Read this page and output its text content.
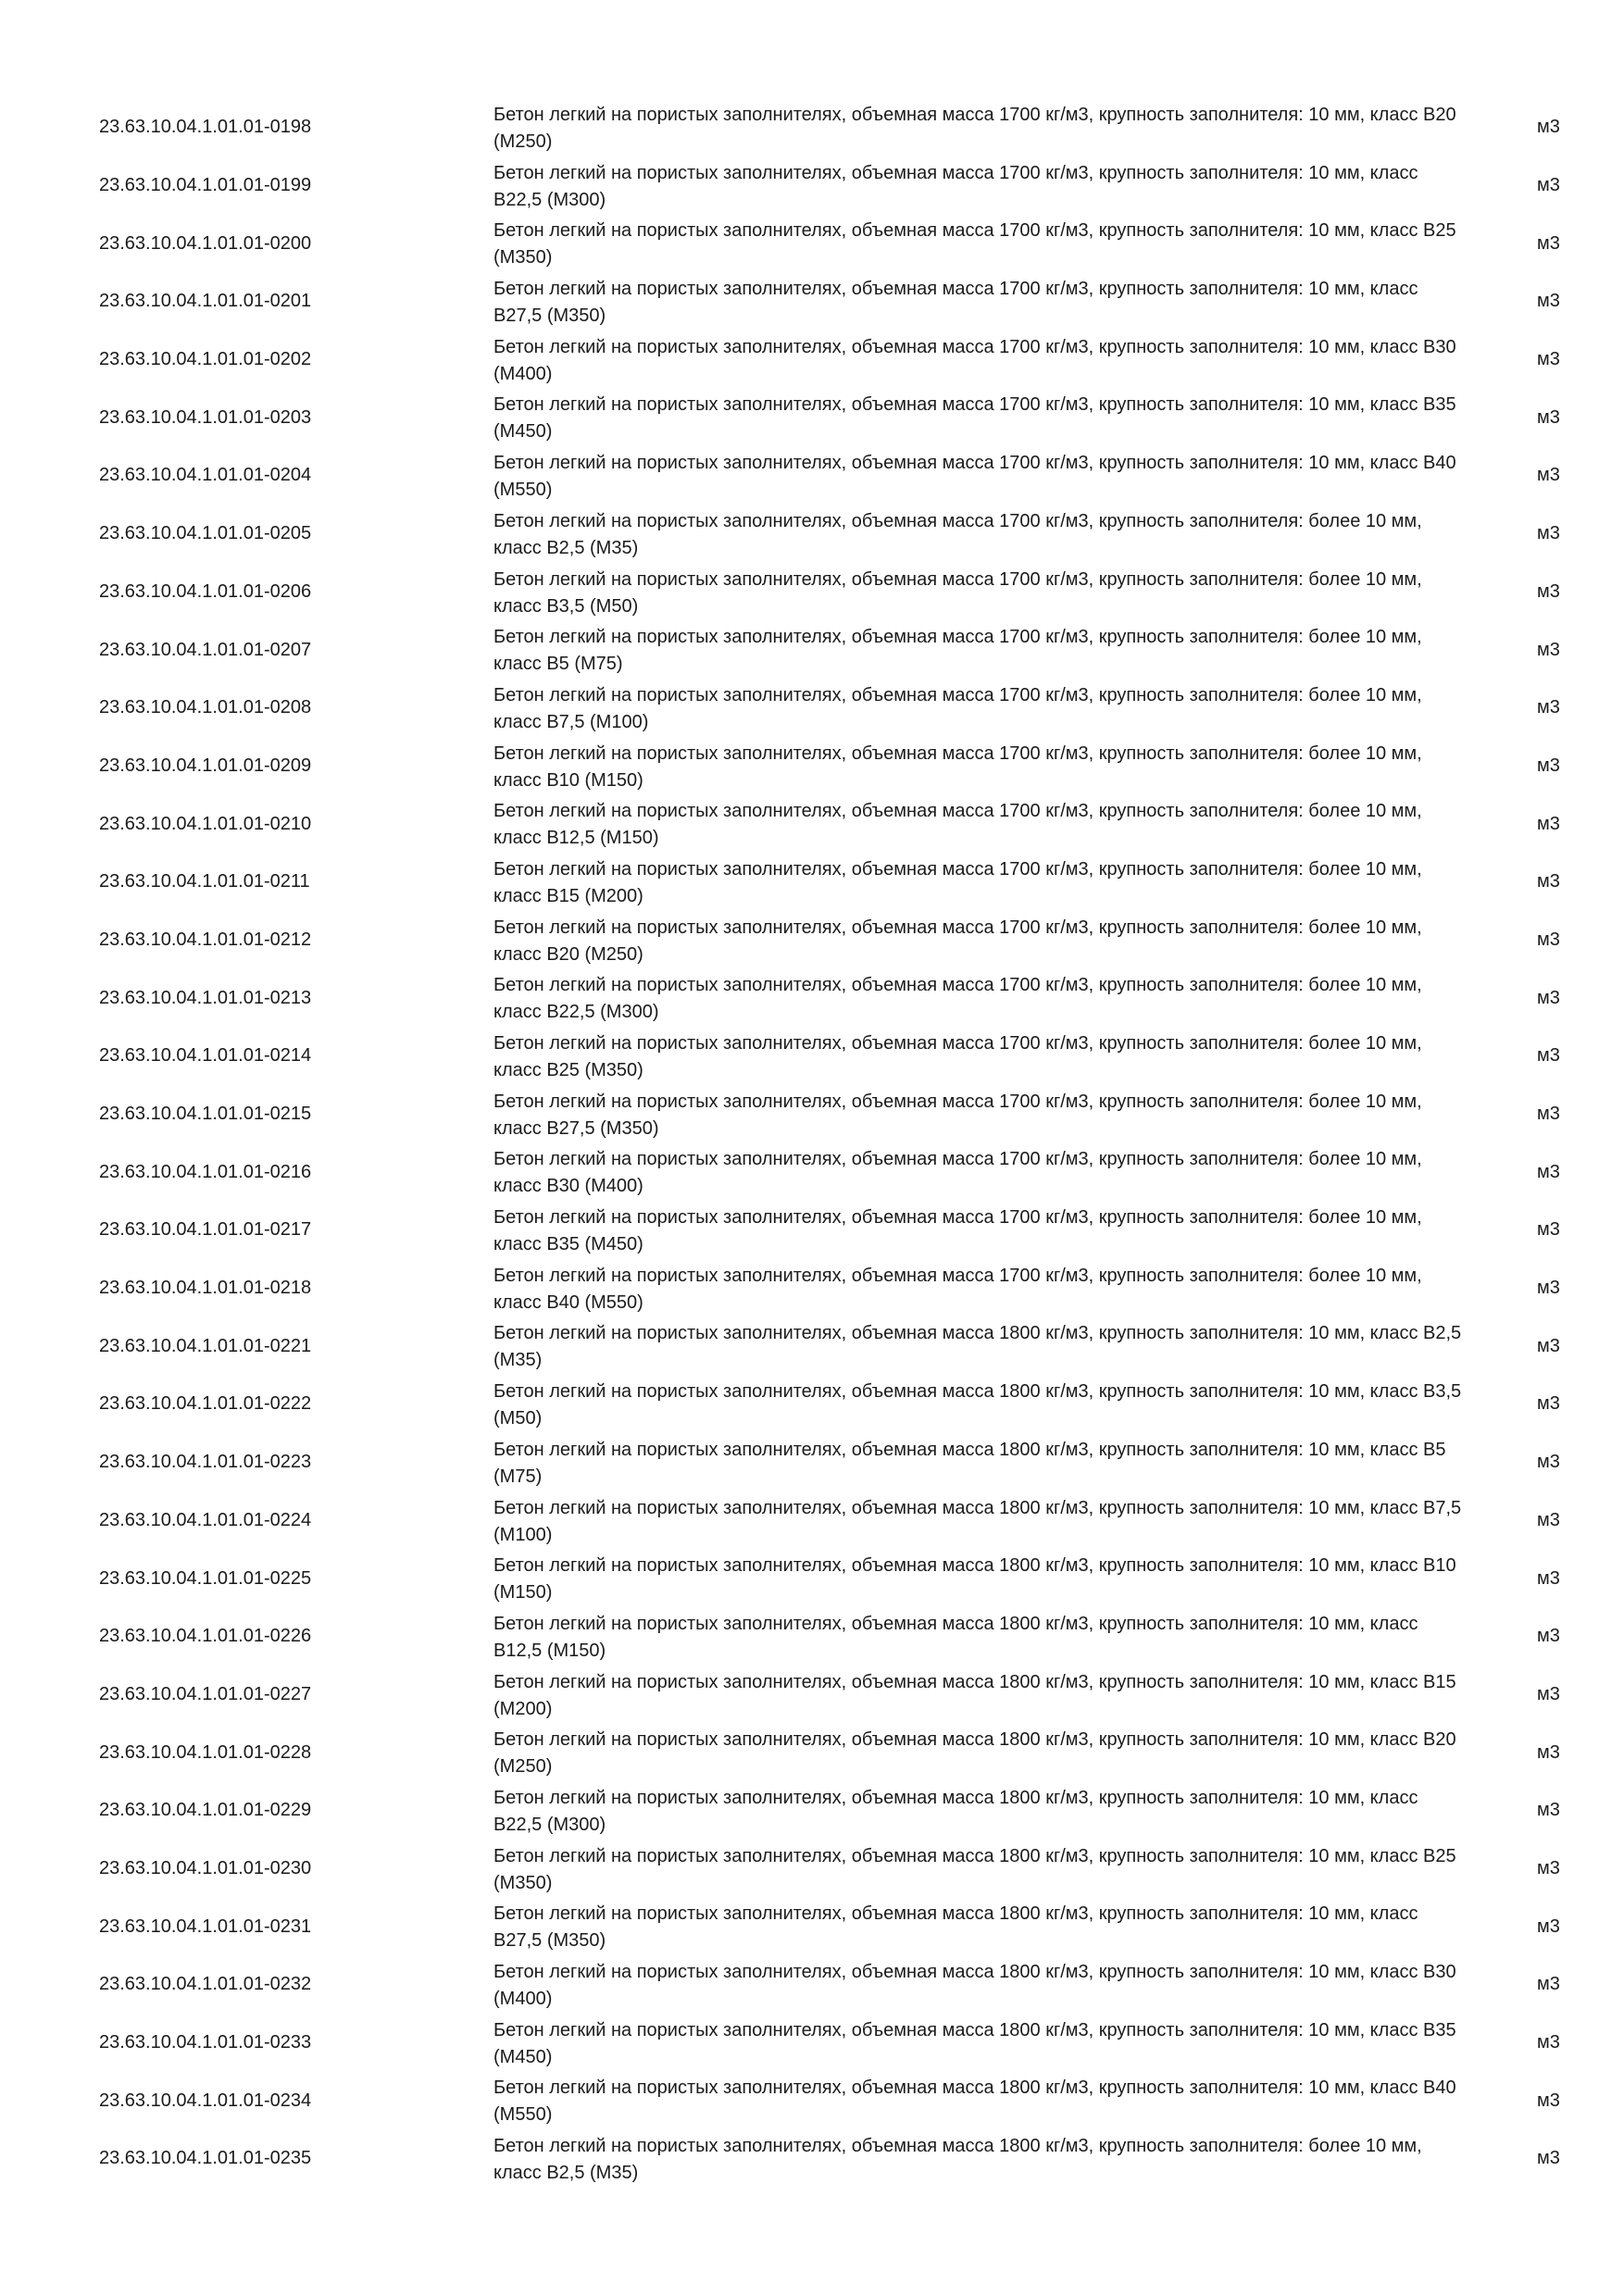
23.63.10.04.1.01.01-0198
Бетон легкий на пористых заполнителях, объемная масса 1700 кг/м3, крупность заполнителя: 10 мм, класс В20 (М250)
м3
23.63.10.04.1.01.01-0199
Бетон легкий на пористых заполнителях, объемная масса 1700 кг/м3, крупность заполнителя: 10 мм, класс В22,5 (М300)
м3
23.63.10.04.1.01.01-0200
Бетон легкий на пористых заполнителях, объемная масса 1700 кг/м3, крупность заполнителя: 10 мм, класс В25 (М350)
м3
23.63.10.04.1.01.01-0201
Бетон легкий на пористых заполнителях, объемная масса 1700 кг/м3, крупность заполнителя: 10 мм, класс В27,5 (М350)
м3
23.63.10.04.1.01.01-0202
Бетон легкий на пористых заполнителях, объемная масса 1700 кг/м3, крупность заполнителя: 10 мм, класс В30 (М400)
м3
23.63.10.04.1.01.01-0203
Бетон легкий на пористых заполнителях, объемная масса 1700 кг/м3, крупность заполнителя: 10 мм, класс В35 (М450)
м3
23.63.10.04.1.01.01-0204
Бетон легкий на пористых заполнителях, объемная масса 1700 кг/м3, крупность заполнителя: 10 мм, класс В40 (М550)
м3
23.63.10.04.1.01.01-0205
Бетон легкий на пористых заполнителях, объемная масса 1700 кг/м3, крупность заполнителя: более 10 мм, класс В2,5 (М35)
м3
23.63.10.04.1.01.01-0206
Бетон легкий на пористых заполнителях, объемная масса 1700 кг/м3, крупность заполнителя: более 10 мм, класс В3,5 (М50)
м3
23.63.10.04.1.01.01-0207
Бетон легкий на пористых заполнителях, объемная масса 1700 кг/м3, крупность заполнителя: более 10 мм, класс В5 (М75)
м3
23.63.10.04.1.01.01-0208
Бетон легкий на пористых заполнителях, объемная масса 1700 кг/м3, крупность заполнителя: более 10 мм, класс В7,5 (М100)
м3
23.63.10.04.1.01.01-0209
Бетон легкий на пористых заполнителях, объемная масса 1700 кг/м3, крупность заполнителя: более 10 мм, класс В10 (М150)
м3
23.63.10.04.1.01.01-0210
Бетон легкий на пористых заполнителях, объемная масса 1700 кг/м3, крупность заполнителя: более 10 мм, класс В12,5 (М150)
м3
23.63.10.04.1.01.01-0211
Бетон легкий на пористых заполнителях, объемная масса 1700 кг/м3, крупность заполнителя: более 10 мм, класс В15 (М200)
м3
23.63.10.04.1.01.01-0212
Бетон легкий на пористых заполнителях, объемная масса 1700 кг/м3, крупность заполнителя: более 10 мм, класс В20 (М250)
м3
23.63.10.04.1.01.01-0213
Бетон легкий на пористых заполнителях, объемная масса 1700 кг/м3, крупность заполнителя: более 10 мм, класс В22,5 (М300)
м3
23.63.10.04.1.01.01-0214
Бетон легкий на пористых заполнителях, объемная масса 1700 кг/м3, крупность заполнителя: более 10 мм, класс В25 (М350)
м3
23.63.10.04.1.01.01-0215
Бетон легкий на пористых заполнителях, объемная масса 1700 кг/м3, крупность заполнителя: более 10 мм, класс В27,5 (М350)
м3
23.63.10.04.1.01.01-0216
Бетон легкий на пористых заполнителях, объемная масса 1700 кг/м3, крупность заполнителя: более 10 мм, класс В30 (М400)
м3
23.63.10.04.1.01.01-0217
Бетон легкий на пористых заполнителях, объемная масса 1700 кг/м3, крупность заполнителя: более 10 мм, класс В35 (М450)
м3
23.63.10.04.1.01.01-0218
Бетон легкий на пористых заполнителях, объемная масса 1700 кг/м3, крупность заполнителя: более 10 мм, класс В40 (М550)
м3
23.63.10.04.1.01.01-0221
Бетон легкий на пористых заполнителях, объемная масса 1800 кг/м3, крупность заполнителя: 10 мм, класс В2,5 (М35)
м3
23.63.10.04.1.01.01-0222
Бетон легкий на пористых заполнителях, объемная масса 1800 кг/м3, крупность заполнителя: 10 мм, класс В3,5 (М50)
м3
23.63.10.04.1.01.01-0223
Бетон легкий на пористых заполнителях, объемная масса 1800 кг/м3, крупность заполнителя: 10 мм, класс В5 (М75)
м3
23.63.10.04.1.01.01-0224
Бетон легкий на пористых заполнителях, объемная масса 1800 кг/м3, крупность заполнителя: 10 мм, класс В7,5 (М100)
м3
23.63.10.04.1.01.01-0225
Бетон легкий на пористых заполнителях, объемная масса 1800 кг/м3, крупность заполнителя: 10 мм, класс В10 (М150)
м3
23.63.10.04.1.01.01-0226
Бетон легкий на пористых заполнителях, объемная масса 1800 кг/м3, крупность заполнителя: 10 мм, класс В12,5 (М150)
м3
23.63.10.04.1.01.01-0227
Бетон легкий на пористых заполнителях, объемная масса 1800 кг/м3, крупность заполнителя: 10 мм, класс В15 (М200)
м3
23.63.10.04.1.01.01-0228
Бетон легкий на пористых заполнителях, объемная масса 1800 кг/м3, крупность заполнителя: 10 мм, класс В20 (М250)
м3
23.63.10.04.1.01.01-0229
Бетон легкий на пористых заполнителях, объемная масса 1800 кг/м3, крупность заполнителя: 10 мм, класс В22,5 (М300)
м3
23.63.10.04.1.01.01-0230
Бетон легкий на пористых заполнителях, объемная масса 1800 кг/м3, крупность заполнителя: 10 мм, класс В25 (М350)
м3
23.63.10.04.1.01.01-0231
Бетон легкий на пористых заполнителях, объемная масса 1800 кг/м3, крупность заполнителя: 10 мм, класс В27,5 (М350)
м3
23.63.10.04.1.01.01-0232
Бетон легкий на пористых заполнителях, объемная масса 1800 кг/м3, крупность заполнителя: 10 мм, класс В30 (М400)
м3
23.63.10.04.1.01.01-0233
Бетон легкий на пористых заполнителях, объемная масса 1800 кг/м3, крупность заполнителя: 10 мм, класс В35 (М450)
м3
23.63.10.04.1.01.01-0234
Бетон легкий на пористых заполнителях, объемная масса 1800 кг/м3, крупность заполнителя: 10 мм, класс В40 (М550)
м3
23.63.10.04.1.01.01-0235
Бетон легкий на пористых заполнителях, объемная масса 1800 кг/м3, крупность заполнителя: более 10 мм, класс В2,5 (М35)
м3
